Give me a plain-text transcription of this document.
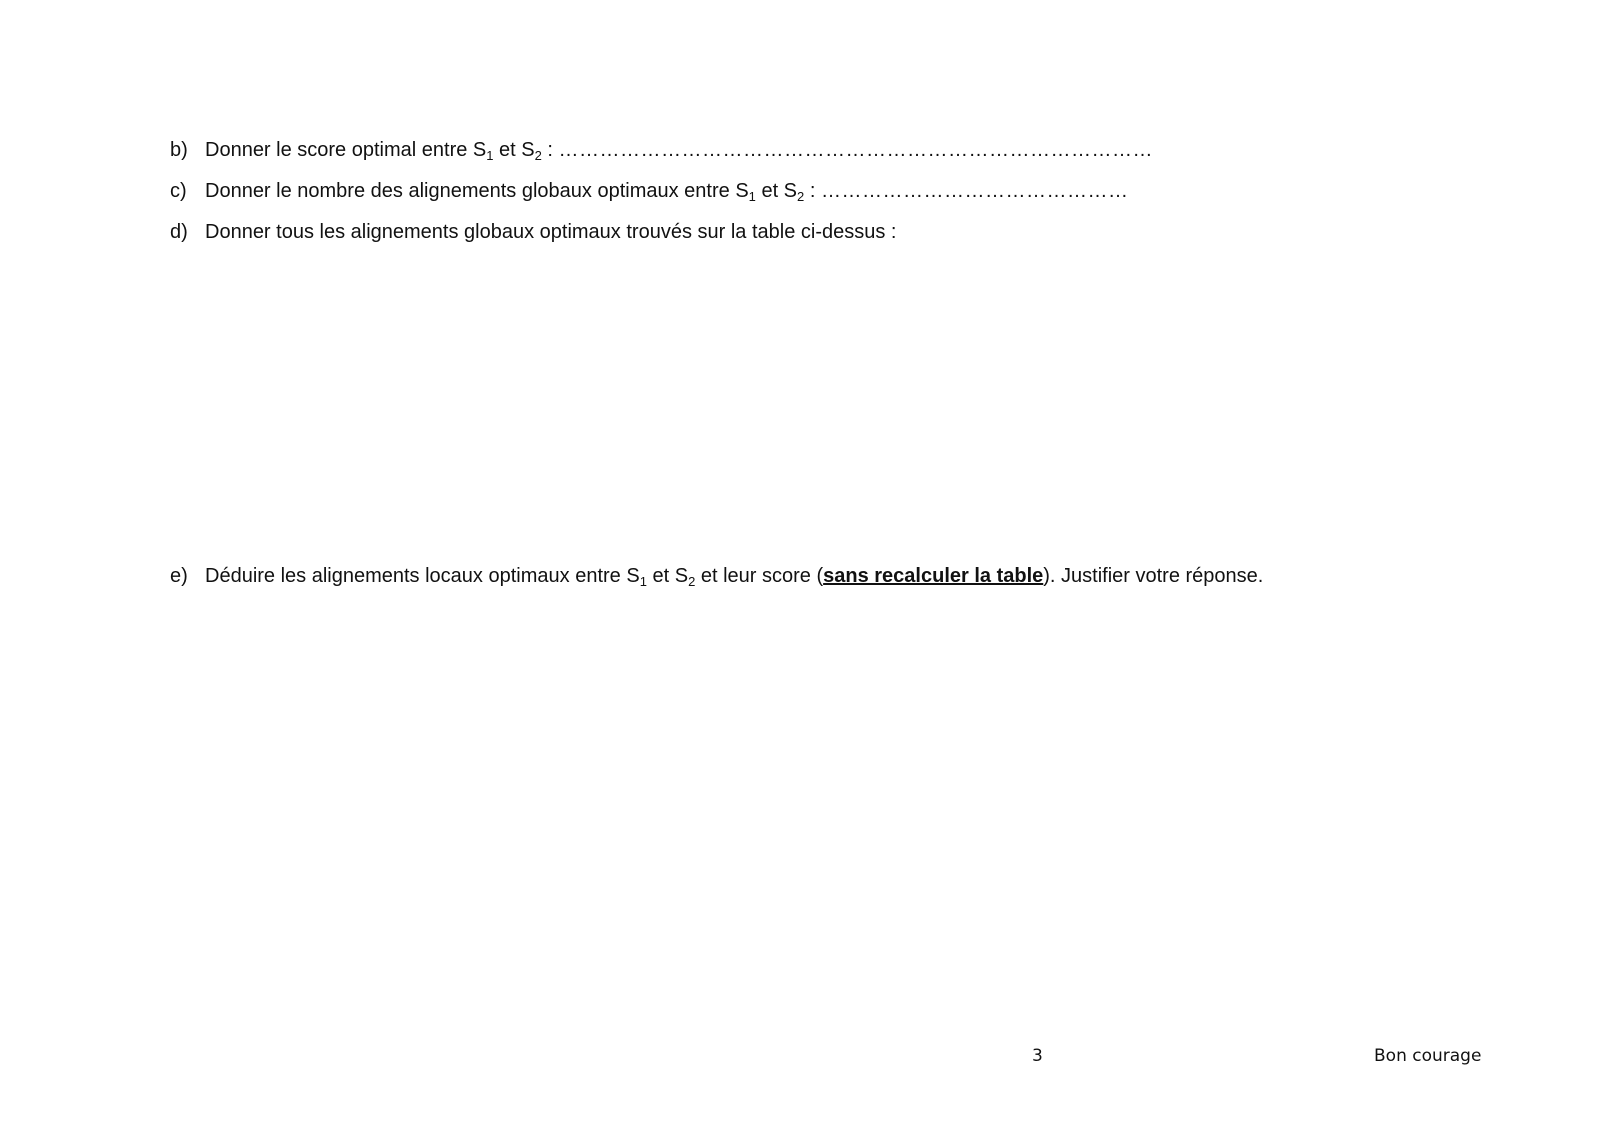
b) Donner le score optimal entre $S_1$ et $S_2$ : ……………………………………………………………………………
c) Donner le nombre des alignements globaux optimaux entre $S_1$ et $S_2$ : ………………………………………
d) Donner tous les alignements globaux optimaux trouvés sur la table ci-dessus :
e) Déduire les alignements locaux optimaux entre $S_1$ et $S_2$ et leur score (sans recalculer la table). Justifier votre réponse.
3	Bon courage
